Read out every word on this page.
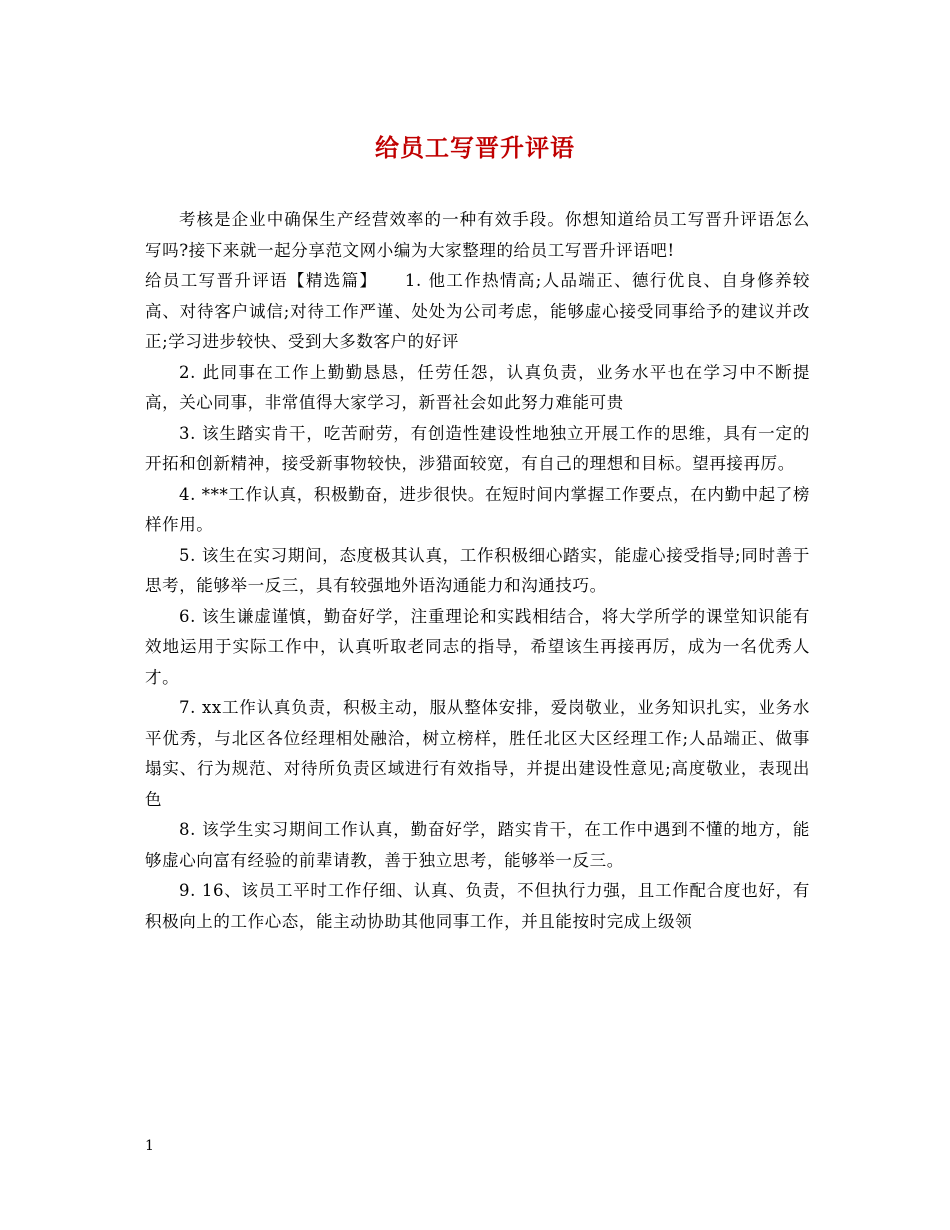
给员工写晋升评语

考核是企业中确保生产经营效率的一种有效手段。你想知道给员工写晋升评语怎么写吗?接下来就一起分享范文网小编为大家整理的给员工写晋升评语吧!

给员工写晋升评语【精选篇】　　1. 他工作热情高;人品端正、德行优良、自身修养较高、对待客户诚信;对待工作严谨、处处为公司考虑，能够虚心接受同事给予的建议并改正;学习进步较快、受到大多数客户的好评

2. 此同事在工作上勤勤恳恳，任劳任怨，认真负责，业务水平也在学习中不断提高，关心同事，非常值得大家学习，新晋社会如此努力难能可贵

3. 该生踏实肯干，吃苦耐劳，有创造性建设性地独立开展工作的思维，具有一定的开拓和创新精神，接受新事物较快，涉猎面较宽，有自己的理想和目标。望再接再厉。

4. ***工作认真，积极勤奋，进步很快。在短时间内掌握工作要点，在内勤中起了榜样作用。

5. 该生在实习期间，态度极其认真，工作积极细心踏实，能虚心接受指导;同时善于思考，能够举一反三，具有较强地外语沟通能力和沟通技巧。

6. 该生谦虚谨慎，勤奋好学，注重理论和实践相结合，将大学所学的课堂知识能有效地运用于实际工作中，认真听取老同志的指导，希望该生再接再厉，成为一名优秀人才。

7. xx工作认真负责，积极主动，服从整体安排，爱岗敬业，业务知识扎实，业务水平优秀，与北区各位经理相处融洽，树立榜样，胜任北区大区经理工作;人品端正、做事塌实、行为规范、对待所负责区域进行有效指导，并提出建设性意见;高度敬业，表现出色

8. 该学生实习期间工作认真，勤奋好学，踏实肯干，在工作中遇到不懂的地方，能够虚心向富有经验的前辈请教，善于独立思考，能够举一反三。

9. 16、该员工平时工作仔细、认真、负责，不但执行力强，且工作配合度也好，有积极向上的工作心态，能主动协助其他同事工作，并且能按时完成上级领

1
